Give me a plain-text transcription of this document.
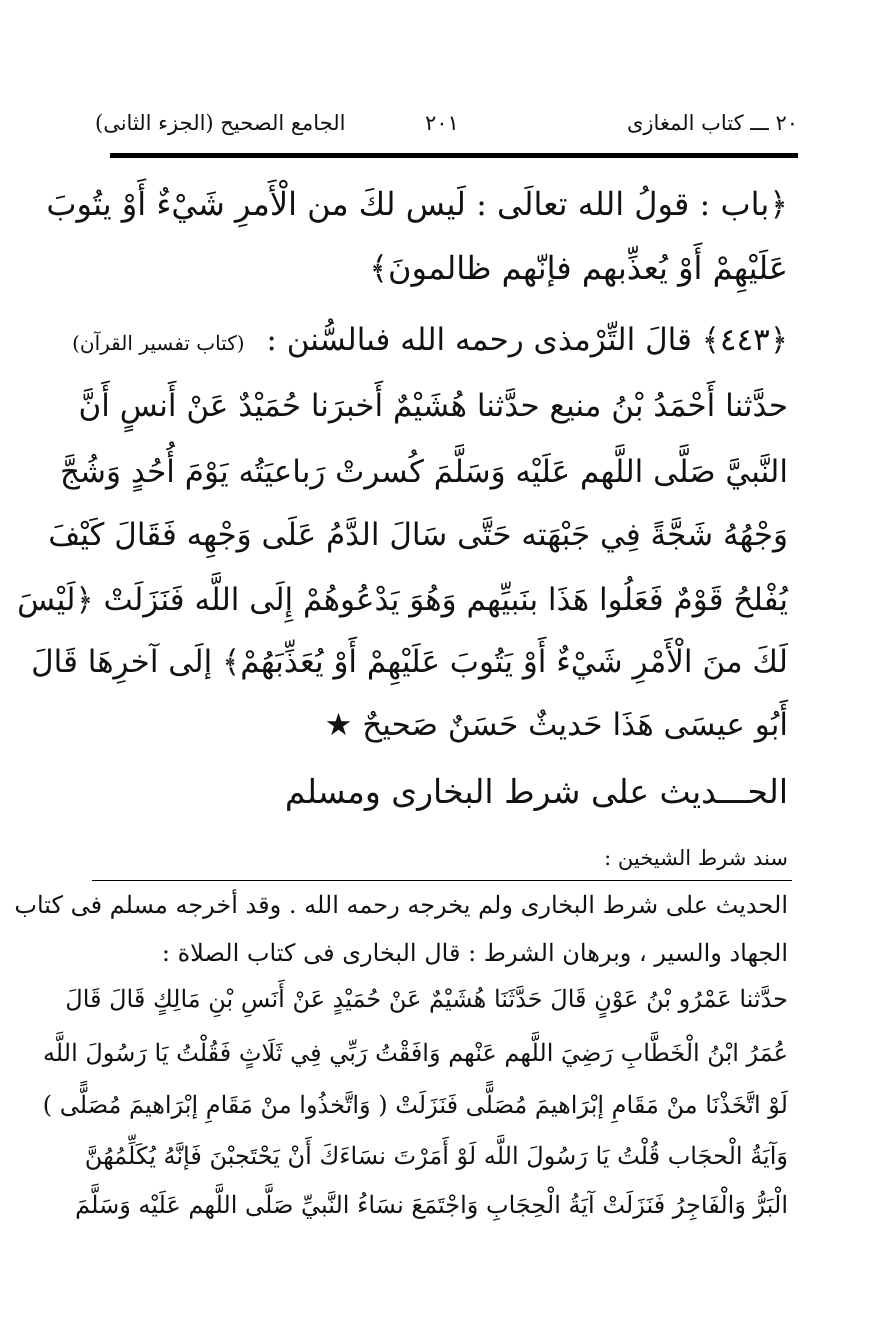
الجامع الصحيح (الجزء الثانى)	٢٠١	٢٠ ـــ كتاب المغازى
﴿باب : قولُ الله تعالَى : لَيس لكَ من الْأَمرِ شَيْءٌ أَوْ يتُوبَ
عَلَيْهِمْ أَوْ يُعذِّبهم فإنّهم ظالمونَ﴾
﴿٤٤٣﴾ قالَ التِّرْمذى رحمه الله فىالسُّنن : (كتاب تفسير القرآن)
حدَّثنا أَحْمَدُ بْنُ منيع حدَّثنا هُشَيْمٌ أَخبرَنا حُمَيْدٌ عَنْ أَنسٍ أَنَّ
النَّبيَّ صَلَّى اللَّهم عَلَيْه وَسَلَّمَ كُسرتْ رَباعيَتُه يَوْمَ أُحُدٍ وَشُجَّ
وَجْهُهُ شَجَّةً فِي جَبْهَته حَتَّى سَالَ الدَّمُ عَلَى وَجْهِه فَقَالَ كَيْفَ
يُفْلحُ قَوْمٌ فَعَلُوا هَذَا بنَبيِّهم وَهُوَ يَدْعُوهُمْ إِلَى اللَّه فَنَزَلَتْ ﴿لَيْسَ
لَكَ منَ الْأَمْرِ شَيْءٌ أَوْ يَتُوبَ عَلَيْهِمْ أَوْ يُعَذِّبَهُمْ﴾ إلَى آخرِهَا قَالَ
أَبُو عيسَى هَذَا حَديثٌ حَسَنٌ صَحيحٌ ★
الحـــديث على شرط البخارى ومسلم
سند شرط الشيخين :
الحديث على شرط البخارى ولم يخرجه رحمه الله . وقد أخرجه مسلم فى كتاب
الجهاد والسير ، وبرهان الشرط : قال البخارى فى كتاب الصلاة :
حدَّثنا عَمْرُو بْنُ عَوْنٍ قَالَ حَدَّثَنَا هُشَيْمٌ عَنْ حُمَيْدٍ عَنْ أَنَسِ بْنِ مَالِكٍ قَالَ قَالَ
عُمَرُ ابْنُ الْخَطَّابِ رَضِيَ اللَّهم عَنْهم وَافَقْتُ رَبِّي فِي ثَلَاثٍ فَقُلْتُ يَا رَسُولَ اللَّه
لَوْ اتَّخَذْنَا منْ مَقَامِ إبْرَاهيمَ مُصَلًّى فَنَزَلَتْ ( وَاتَّخذُوا منْ مَقَامِ إبْرَاهيمَ مُصَلًّى )
وَآيَةُ الْحجَاب قُلْتُ يَا رَسُولَ اللَّه لَوْ أَمَرْتَ نسَاءَكَ أَنْ يَحْتَجبْنَ فَإنَّهُ يُكَلِّمُهُنَّ
الْبَرُّ وَالْفَاجِرُ فَنَزَلَتْ آيَةُ الْحِجَابِ وَاجْتَمَعَ نسَاءُ النَّبيِّ صَلَّى اللَّهم عَلَيْه وَسَلَّمَ
